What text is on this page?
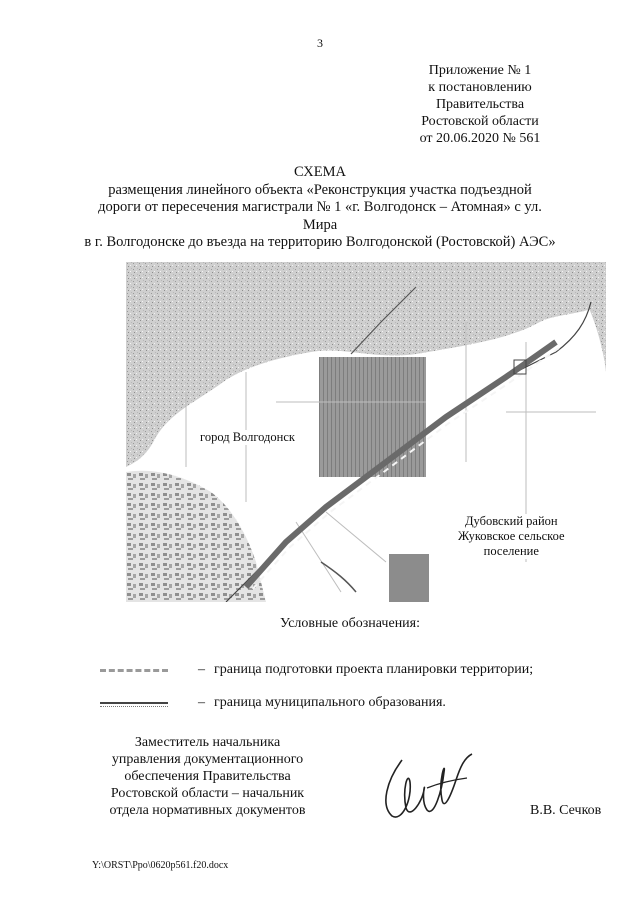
3
Приложение № 1
к постановлению
Правительства
Ростовской области
от 20.06.2020 № 561
СХЕМА
размещения линейного объекта «Реконструкция участка подъездной
дороги от пересечения магистрали № 1 «г. Волгодонск – Атомная» с ул. Мира
в г. Волгодонске до въезда на территорию Волгодонской (Ростовской) АЭС»
город Волгодонск
Дубовский район
Жуковское сельское
поселение
Условные обозначения:
– граница подготовки проекта планировки территории;
– граница муниципального образования.
Заместитель начальника
управления документационного
обеспечения Правительства
Ростовской области – начальник
отдела нормативных документов	В.В. Сечков
Y:\ORST\Ppo\0620p561.f20.docx
